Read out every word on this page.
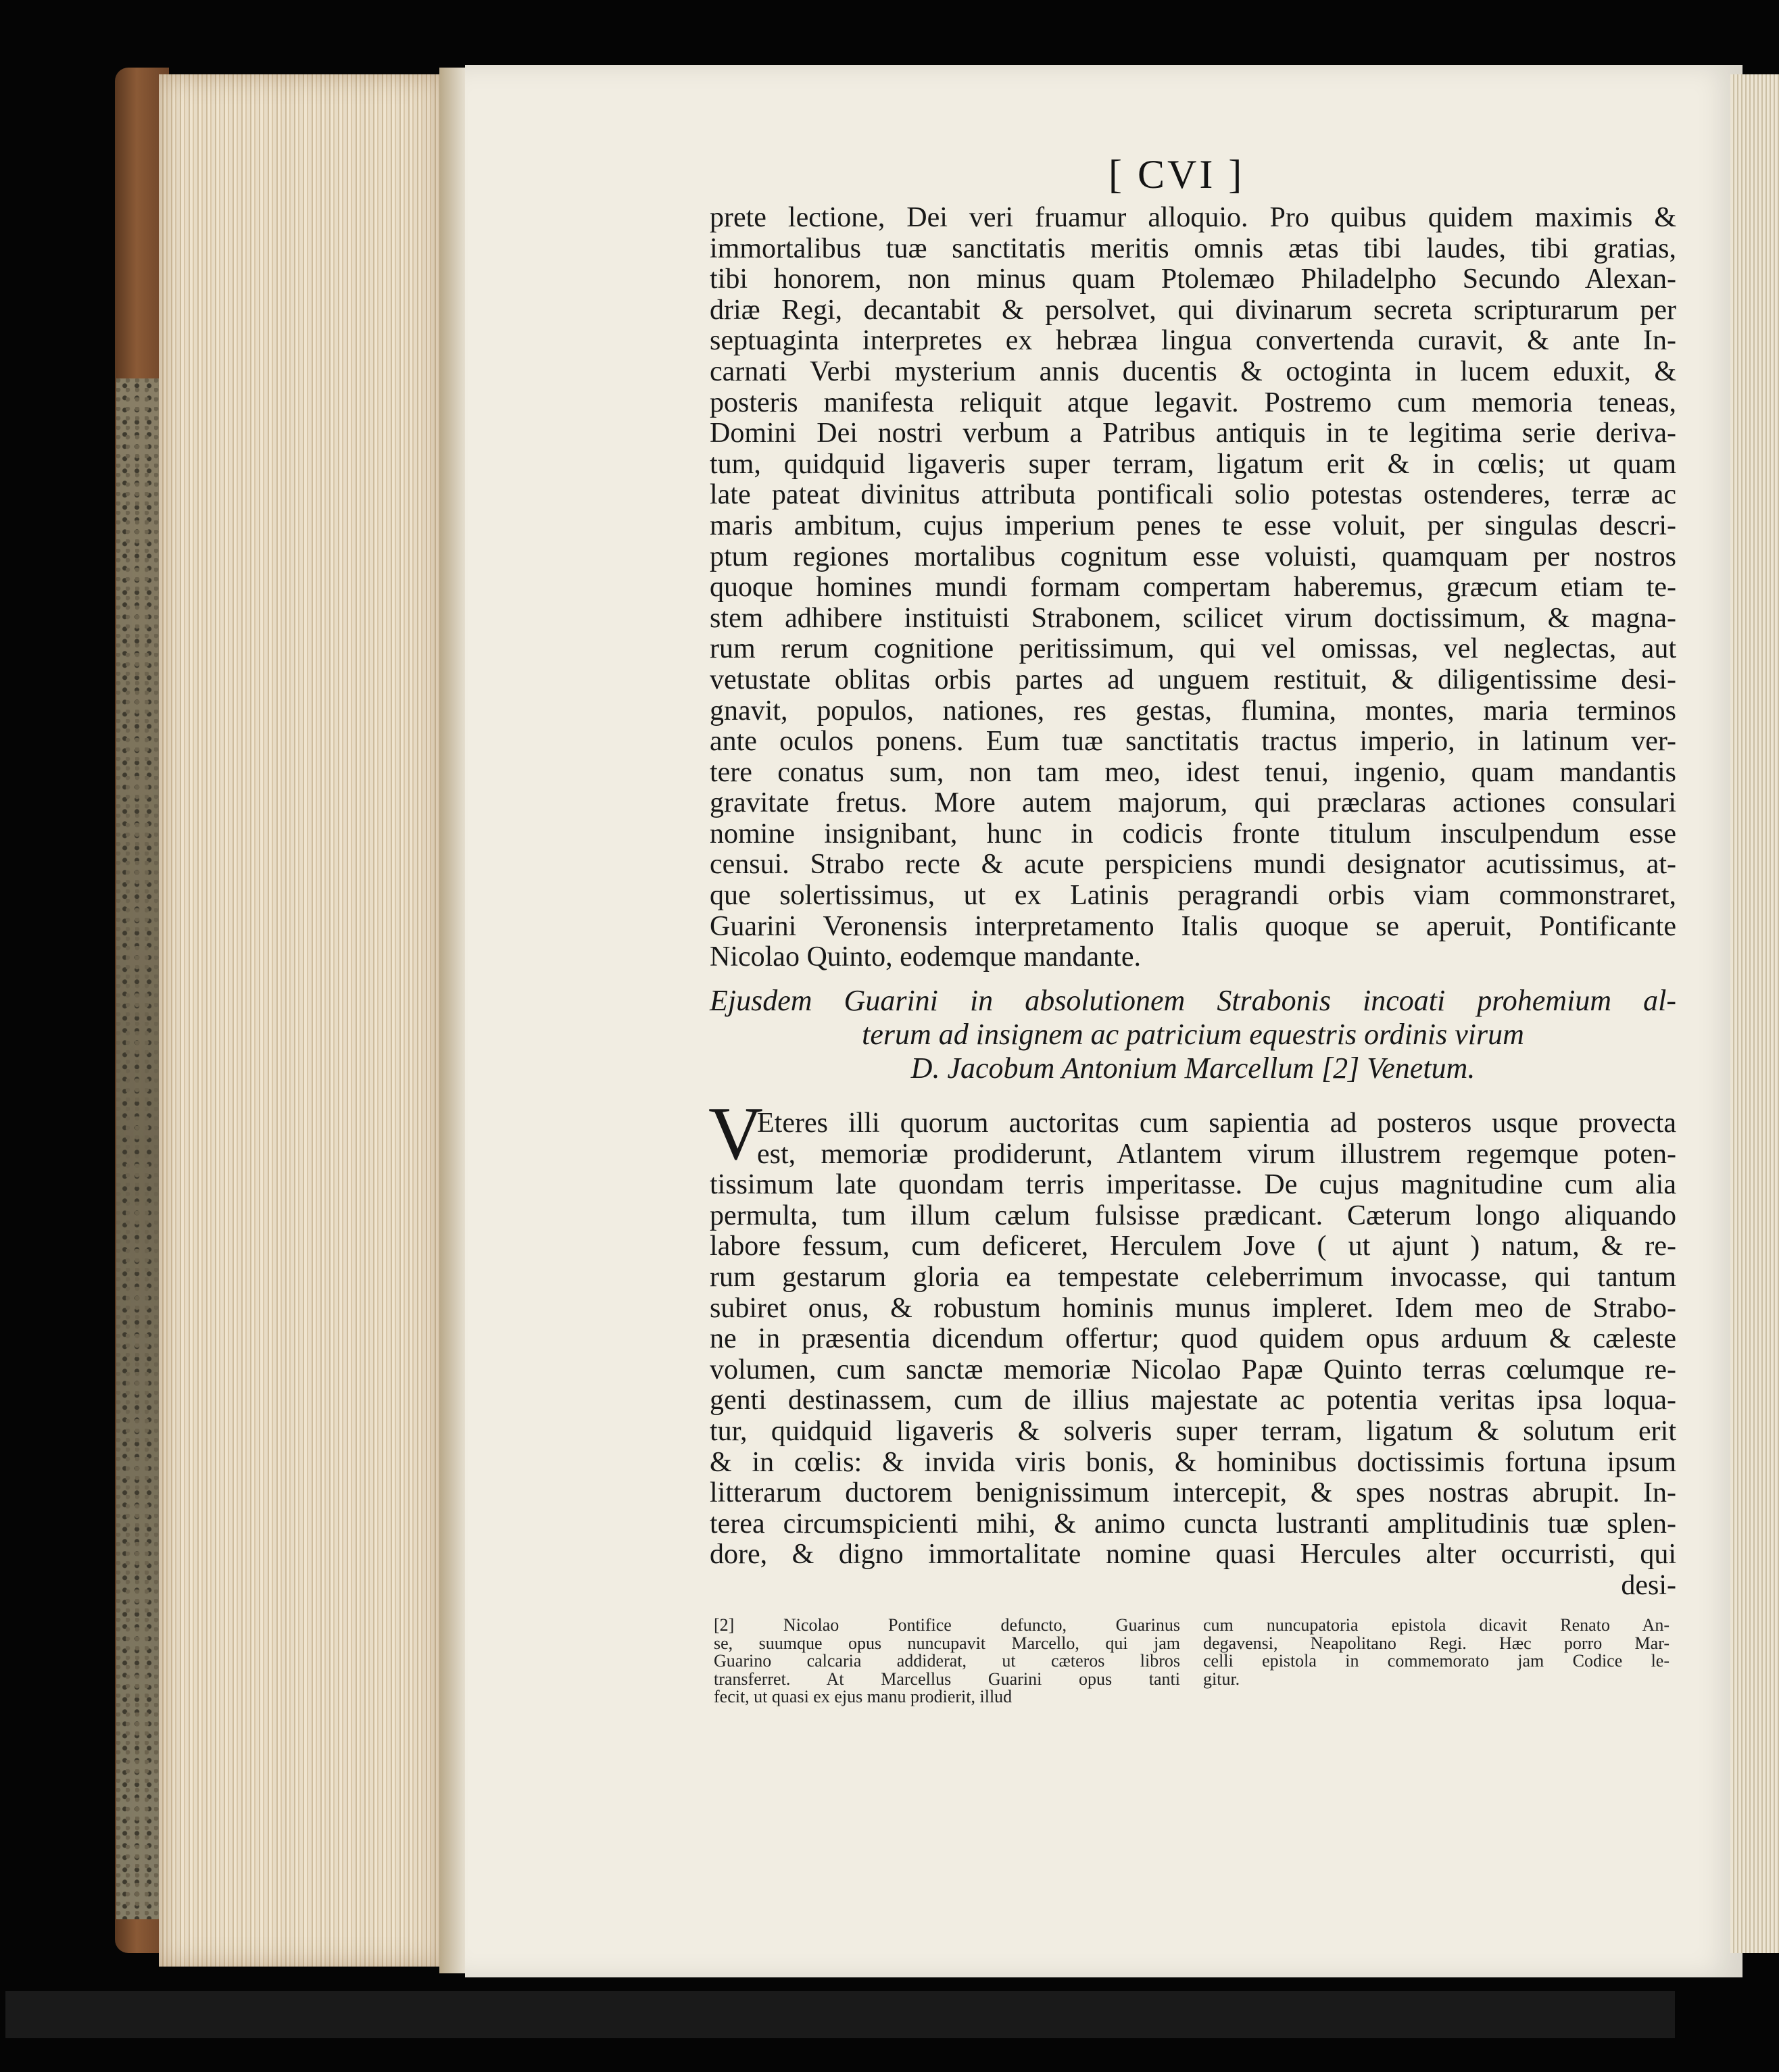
[ CVI ]
prete lectione, Dei veri fruamur alloquio. Pro quibus quidem maximis &
immortalibus tuæ sanctitatis meritis omnis ætas tibi laudes, tibi gratias,
tibi honorem, non minus quam Ptolemæo Philadelpho Secundo Alexan-
driæ Regi, decantabit & persolvet, qui divinarum secreta scripturarum per
septuaginta interpretes ex hebræa lingua convertenda curavit, & ante In-
carnati Verbi mysterium annis ducentis & octoginta in lucem eduxit, &
posteris manifesta reliquit atque legavit. Postremo cum memoria teneas,
Domini Dei nostri verbum a Patribus antiquis in te legitima serie deriva-
tum, quidquid ligaveris super terram, ligatum erit & in cœlis; ut quam
late pateat divinitus attributa pontificali solio potestas ostenderes, terræ ac
maris ambitum, cujus imperium penes te esse voluit, per singulas descri-
ptum regiones mortalibus cognitum esse voluisti, quamquam per nostros
quoque homines mundi formam compertam haberemus, græcum etiam te-
stem adhibere instituisti Strabonem, scilicet virum doctissimum, & magna-
rum rerum cognitione peritissimum, qui vel omissas, vel neglectas, aut
vetustate oblitas orbis partes ad unguem restituit, & diligentissime desi-
gnavit, populos, nationes, res gestas, flumina, montes, maria terminos
ante oculos ponens. Eum tuæ sanctitatis tractus imperio, in latinum ver-
tere conatus sum, non tam meo, idest tenui, ingenio, quam mandantis
gravitate fretus. More autem majorum, qui præclaras actiones consulari
nomine insignibant, hunc in codicis fronte titulum insculpendum esse
censui. Strabo recte & acute perspiciens mundi designator acutissimus, at-
que solertissimus, ut ex Latinis peragrandi orbis viam commonstraret,
Guarini Veronensis interpretamento Italis quoque se aperuit, Pontificante
Nicolao Quinto, eodemque mandante.
Ejusdem Guarini in absolutionem Strabonis incoati prohemium al-
terum ad insignem ac patricium equestris ordinis virum
D. Jacobum Antonium Marcellum [2] Venetum.
V
Eteres illi quorum auctoritas cum sapientia ad posteros usque provecta
est, memoriæ prodiderunt, Atlantem virum illustrem regemque poten-
tissimum late quondam terris imperitasse. De cujus magnitudine cum alia
permulta, tum illum cælum fulsisse prædicant. Cæterum longo aliquando
labore fessum, cum deficeret, Herculem Jove ( ut ajunt ) natum, & re-
rum gestarum gloria ea tempestate celeberrimum invocasse, qui tantum
subiret onus, & robustum hominis munus impleret. Idem meo de Strabo-
ne in præsentia dicendum offertur; quod quidem opus arduum & cæleste
volumen, cum sanctæ memoriæ Nicolao Papæ Quinto terras cœlumque re-
genti destinassem, cum de illius majestate ac potentia veritas ipsa loqua-
tur, quidquid ligaveris & solveris super terram, ligatum & solutum erit
& in cœlis: & invida viris bonis, & hominibus doctissimis fortuna ipsum
litterarum ductorem benignissimum intercepit, & spes nostras abrupit. In-
terea circumspicienti mihi, & animo cuncta lustranti amplitudinis tuæ splen-
dore, & digno immortalitate nomine quasi Hercules alter occurristi, qui
desi-
[2] Nicolao Pontifice defuncto, Guarinus
se, suumque opus nuncupavit Marcello, qui jam
Guarino calcaria addiderat, ut cæteros libros
transferret. At Marcellus Guarini opus tanti
fecit, ut quasi ex ejus manu prodierit, illud
cum nuncupatoria epistola dicavit Renato An-
degavensi, Neapolitano Regi. Hæc porro Mar-
celli epistola in commemorato jam Codice le-
gitur.
